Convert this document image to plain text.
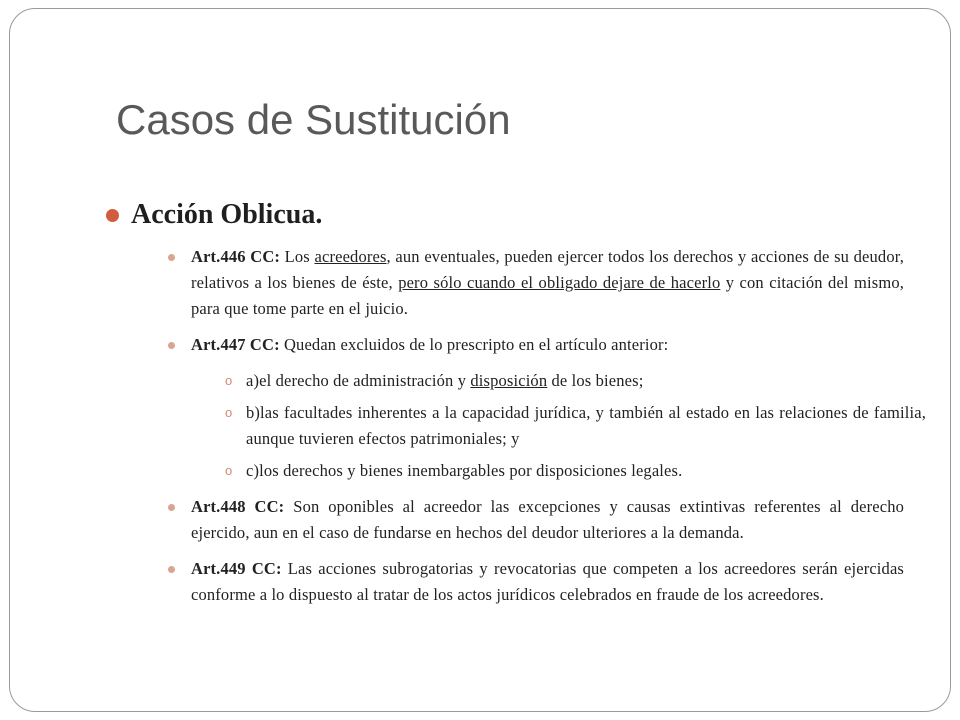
Casos de Sustitución
Acción Oblicua.
Art.446 CC: Los acreedores, aun eventuales, pueden ejercer todos los derechos y acciones de su deudor, relativos a los bienes de éste, pero sólo cuando el obligado dejare de hacerlo y con citación del mismo, para que tome parte en el juicio.
Art.447 CC: Quedan excluidos de lo prescripto en el artículo anterior:
o a)el derecho de administración y disposición de los bienes;
o b)las facultades inherentes a la capacidad jurídica, y también al estado en las relaciones de familia, aunque tuvieren efectos patrimoniales; y
o c)los derechos y bienes inembargables por disposiciones legales.
Art.448 CC: Son oponibles al acreedor las excepciones y causas extintivas referentes al derecho ejercido, aun en el caso de fundarse en hechos del deudor ulteriores a la demanda.
Art.449 CC: Las acciones subrogatorias y revocatorias que competen a los acreedores serán ejercidas conforme a lo dispuesto al tratar de los actos jurídicos celebrados en fraude de los acreedores.
